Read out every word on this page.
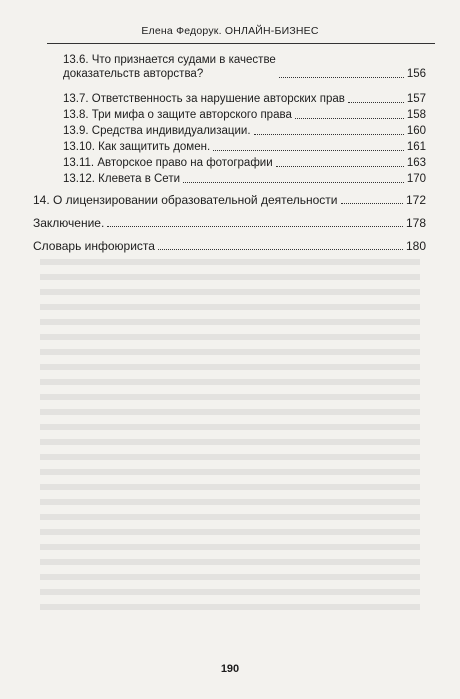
Елена Федорук. ОНЛАЙН-БИЗНЕС
13.6. Что признается судами в качестве
доказательств авторства?	156
13.7. Ответственность за нарушение авторских прав	157
13.8. Три мифа о защите авторского права	158
13.9. Средства индивидуализации.	160
13.10. Как защитить домен.	161
13.11. Авторское право на фотографии	163
13.12. Клевета в Сети	170
14. О лицензировании образовательной деятельности	172
Заключение.	178
Словарь инфоюриста	180
190
